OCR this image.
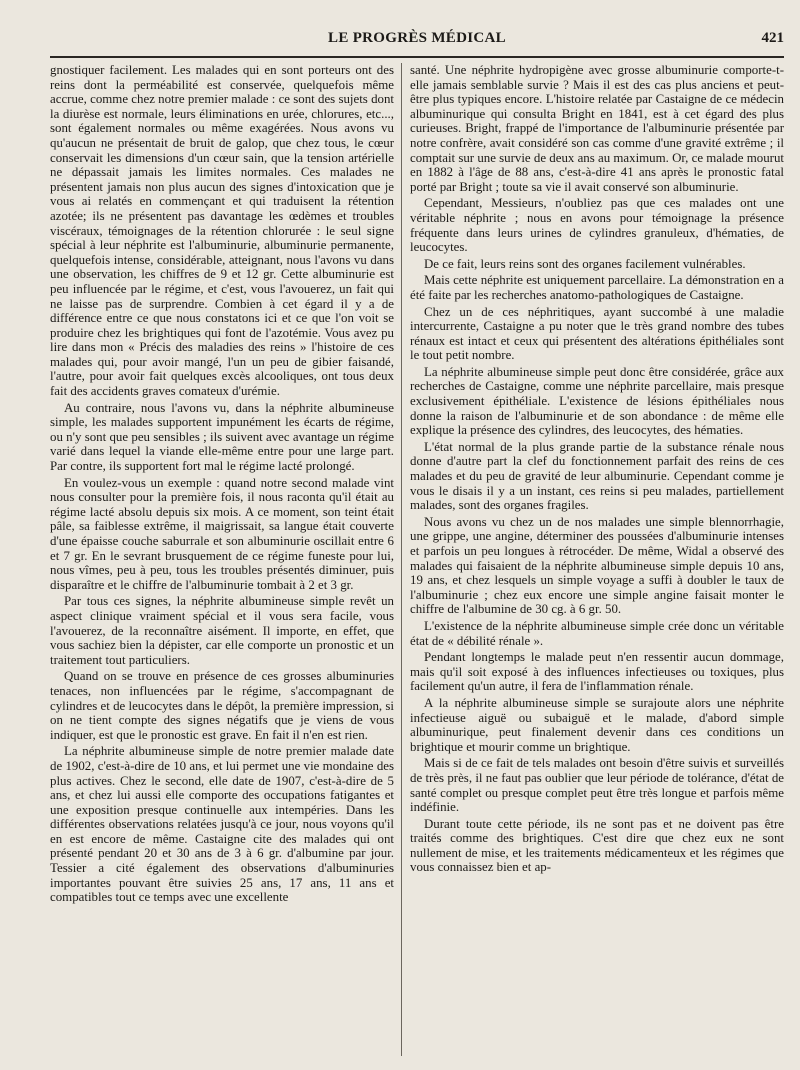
LE PROGRÈS MÉDICAL	421

gnostiquer facilement. Les malades qui en sont porteurs ont des reins dont la perméabilité est conservée, quelquefois même accrue, comme chez notre premier malade : ce sont des sujets dont la diurèse est normale, leurs éliminations en urée, chlorures, etc..., sont également normales ou même exagérées. Nous avons vu qu'aucun ne présentait de bruit de galop, que chez tous, le cœur conservait les dimensions d'un cœur sain, que la tension artérielle ne dépassait jamais les limites normales. Ces malades ne présentent jamais non plus aucun des signes d'intoxication que je vous ai relatés en commençant et qui traduisent la rétention azotée; ils ne présentent pas davantage les œdèmes et troubles viscéraux, témoignages de la rétention chlorurée : le seul signe spécial à leur néphrite est l'albuminurie, albuminurie permanente, quelquefois intense, considérable, atteignant, nous l'avons vu dans une observation, les chiffres de 9 et 12 gr. Cette albuminurie est peu influencée par le régime, et c'est, vous l'avouerez, un fait qui ne laisse pas de surprendre. Combien à cet égard il y a de différence entre ce que nous constatons ici et ce que l'on voit se produire chez les brightiques qui font de l'azotémie. Vous avez pu lire dans mon « Précis des maladies des reins » l'histoire de ces malades qui, pour avoir mangé, l'un un peu de gibier faisandé, l'autre, pour avoir fait quelques excès alcooliques, ont tous deux fait des accidents graves comateux d'urémie.

Au contraire, nous l'avons vu, dans la néphrite albumineuse simple, les malades supportent impunément les écarts de régime, ou n'y sont que peu sensibles ; ils suivent avec avantage un régime varié dans lequel la viande elle-même entre pour une large part. Par contre, ils supportent fort mal le régime lacté prolongé.

En voulez-vous un exemple : quand notre second malade vint nous consulter pour la première fois, il nous raconta qu'il était au régime lacté absolu depuis six mois. A ce moment, son teint était pâle, sa faiblesse extrême, il maigrissait, sa langue était couverte d'une épaisse couche saburrale et son albuminurie oscillait entre 6 et 7 gr. En le sevrant brusquement de ce régime funeste pour lui, nous vîmes, peu à peu, tous les troubles présentés diminuer, puis disparaître et le chiffre de l'albuminurie tombait à 2 et 3 gr.

Par tous ces signes, la néphrite albumineuse simple revêt un aspect clinique vraiment spécial et il vous sera facile, vous l'avouerez, de la reconnaître aisément. Il importe, en effet, que vous sachiez bien la dépister, car elle comporte un pronostic et un traitement tout particuliers.

Quand on se trouve en présence de ces grosses albuminuries tenaces, non influencées par le régime, s'accompagnant de cylindres et de leucocytes dans le dépôt, la première impression, si on ne tient compte des signes négatifs que je viens de vous indiquer, est que le pronostic est grave. En fait il n'en est rien.

La néphrite albumineuse simple de notre premier malade date de 1902, c'est-à-dire de 10 ans, et lui permet une vie mondaine des plus actives. Chez le second, elle date de 1907, c'est-à-dire de 5 ans, et chez lui aussi elle comporte des occupations fatigantes et une exposition presque continuelle aux intempéries. Dans les différentes observations relatées jusqu'à ce jour, nous voyons qu'il en est encore de même. Castaigne cite des malades qui ont présenté pendant 20 et 30 ans de 3 à 6 gr. d'albumine par jour. Tessier a cité également des observations d'albuminuries importantes pouvant être suivies 25 ans, 17 ans, 11 ans et compatibles tout ce temps avec une excellente

santé. Une néphrite hydropigène avec grosse albuminurie comporte-t-elle jamais semblable survie ? Mais il est des cas plus anciens et peut-être plus typiques encore. L'histoire relatée par Castaigne de ce médecin albuminurique qui consulta Bright en 1841, est à cet égard des plus curieuses. Bright, frappé de l'importance de l'albuminurie présentée par notre confrère, avait considéré son cas comme d'une gravité extrême ; il comptait sur une survie de deux ans au maximum. Or, ce malade mourut en 1882 à l'âge de 88 ans, c'est-à-dire 41 ans après le pronostic fatal porté par Bright ; toute sa vie il avait conservé son albuminurie.

Cependant, Messieurs, n'oubliez pas que ces malades ont une véritable néphrite ; nous en avons pour témoignage la présence fréquente dans leurs urines de cylindres granuleux, d'hématies, de leucocytes.

De ce fait, leurs reins sont des organes facilement vulnérables.

Mais cette néphrite est uniquement parcellaire. La démonstration en a été faite par les recherches anatomo-pathologiques de Castaigne.

Chez un de ces néphritiques, ayant succombé à une maladie intercurrente, Castaigne a pu noter que le très grand nombre des tubes rénaux est intact et ceux qui présentent des altérations épithéliales sont le tout petit nombre.

La néphrite albumineuse simple peut donc être considérée, grâce aux recherches de Castaigne, comme une néphrite parcellaire, mais presque exclusivement épithéliale. L'existence de lésions épithéliales nous donne la raison de l'albuminurie et de son abondance : de même elle explique la présence des cylindres, des leucocytes, des hématies.

L'état normal de la plus grande partie de la substance rénale nous donne d'autre part la clef du fonctionnement parfait des reins de ces malades et du peu de gravité de leur albuminurie. Cependant comme je vous le disais il y a un instant, ces reins si peu malades, partiellement malades, sont des organes fragiles.

Nous avons vu chez un de nos malades une simple blennorrhagie, une grippe, une angine, déterminer des poussées d'albuminurie intenses et parfois un peu longues à rétrocéder. De même, Widal a observé des malades qui faisaient de la néphrite albumineuse simple depuis 10 ans, 19 ans, et chez lesquels un simple voyage a suffi à doubler le taux de l'albuminurie ; chez eux encore une simple angine faisait monter le chiffre de l'albumine de 30 cg. à 6 gr. 50.

L'existence de la néphrite albumineuse simple crée donc un véritable état de « débilité rénale ».

Pendant longtemps le malade peut n'en ressentir aucun dommage, mais qu'il soit exposé à des influences infectieuses ou toxiques, plus facilement qu'un autre, il fera de l'inflammation rénale.

A la néphrite albumineuse simple se surajoute alors une néphrite infectieuse aiguë ou subaiguë et le malade, d'abord simple albuminurique, peut finalement devenir dans ces conditions un brightique et mourir comme un brightique.

Mais si de ce fait de tels malades ont besoin d'être suivis et surveillés de très près, il ne faut pas oublier que leur période de tolérance, d'état de santé complet ou presque complet peut être très longue et parfois même indéfinie.

Durant toute cette période, ils ne sont pas et ne doivent pas être traités comme des brightiques. C'est dire que chez eux ne sont nullement de mise, et les traitements médicamenteux et les régimes que vous connaissez bien et ap-
